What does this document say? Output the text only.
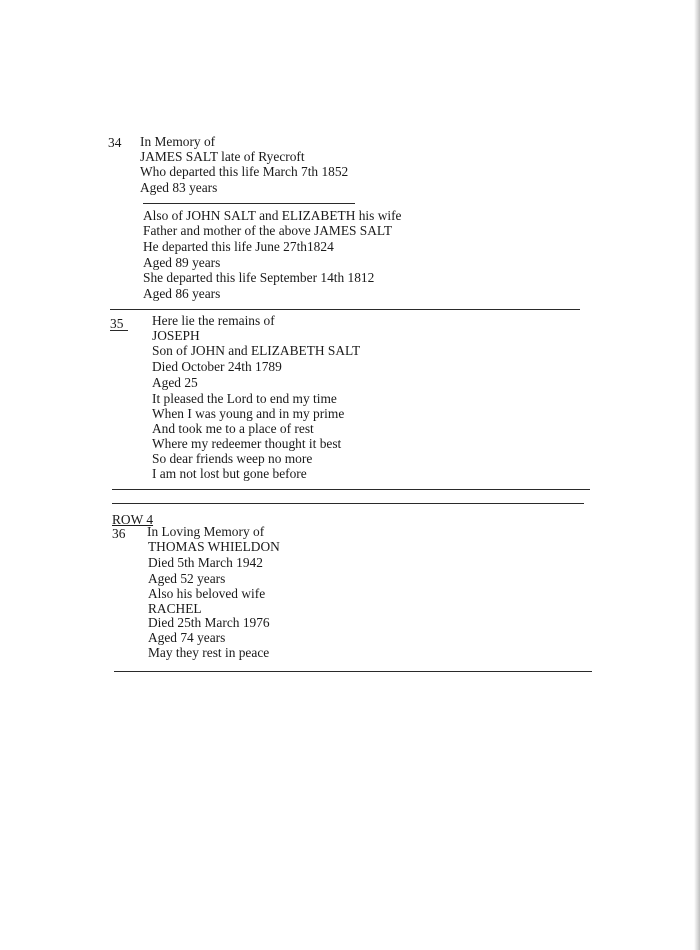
34 In Memory of
JAMES SALT late of Ryecroft
Who departed this life March 7th 1852
Aged 83 years
Also of JOHN SALT and ELIZABETH his wife
Father and mother of the above JAMES SALT
He departed this life June 27th1824
Aged 89 years
She departed this life September 14th 1812
Aged 86 years
35 Here lie the remains of
JOSEPH
Son of JOHN and ELIZABETH SALT
Died October 24th 1789
Aged 25
It pleased the Lord to end my time
When I was young and in my prime
And took me to a place of rest
Where my redeemer thought it best
So dear friends weep no more
I am not lost but gone before
ROW 4
36 In Loving Memory of
THOMAS WHIELDON
Died 5th March 1942
Aged 52 years
Also his beloved wife
RACHEL
Died 25th March 1976
Aged 74 years
May they rest in peace
